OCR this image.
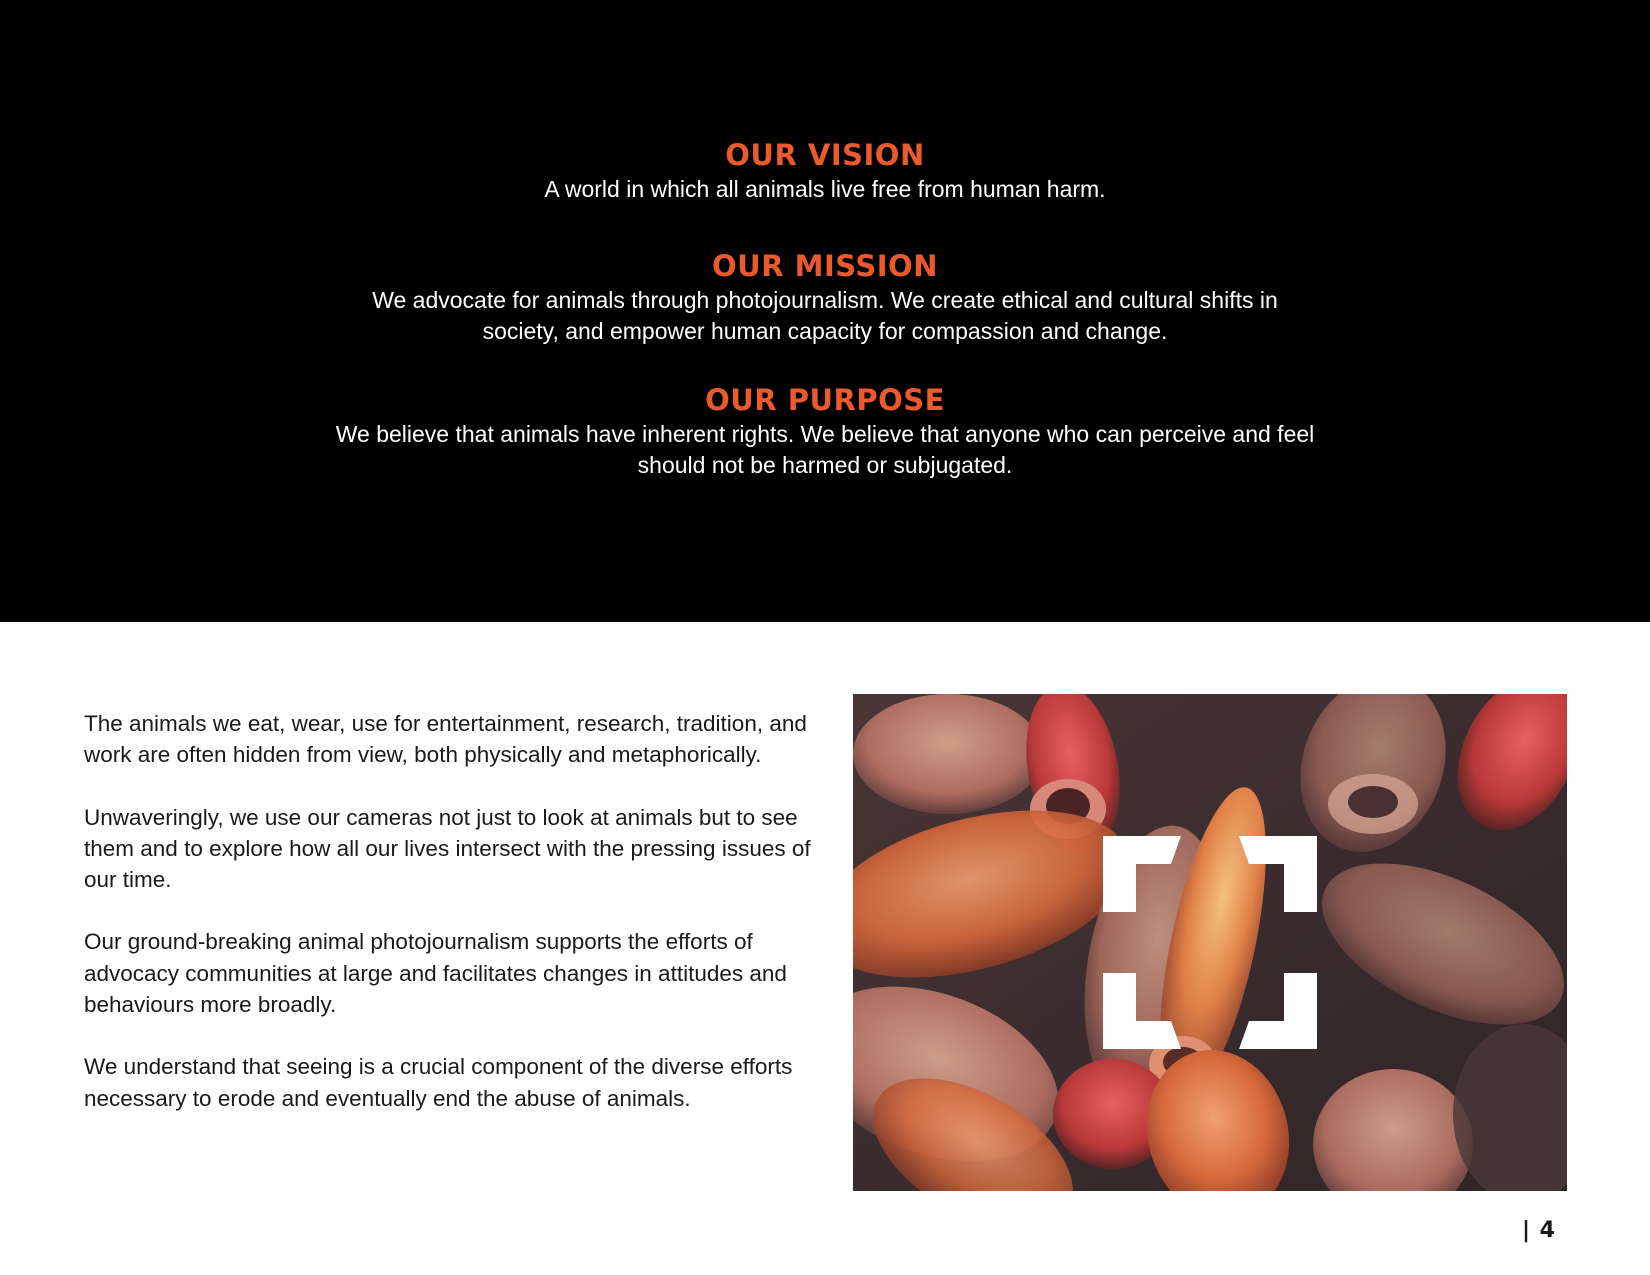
OUR VISION
A world in which all animals live free from human harm.
OUR MISSION
We advocate for animals through photojournalism. We create ethical and cultural shifts in
society, and empower human capacity for compassion and change.
OUR PURPOSE
We believe that animals have inherent rights. We believe that anyone who can perceive and feel
should not be harmed or subjugated.

The animals we eat, wear, use for entertainment, research, tradition, and work are often hidden from view, both physically and metaphorically.

Unwaveringly, we use our cameras not just to look at animals but to see them and to explore how all our lives intersect with the pressing issues of our time.

Our ground-breaking animal photojournalism supports the efforts of advocacy communities at large and facilitates changes in attitudes and behaviours more broadly.

We understand that seeing is a crucial component of the diverse efforts necessary to erode and eventually end the abuse of animals.

| 4
